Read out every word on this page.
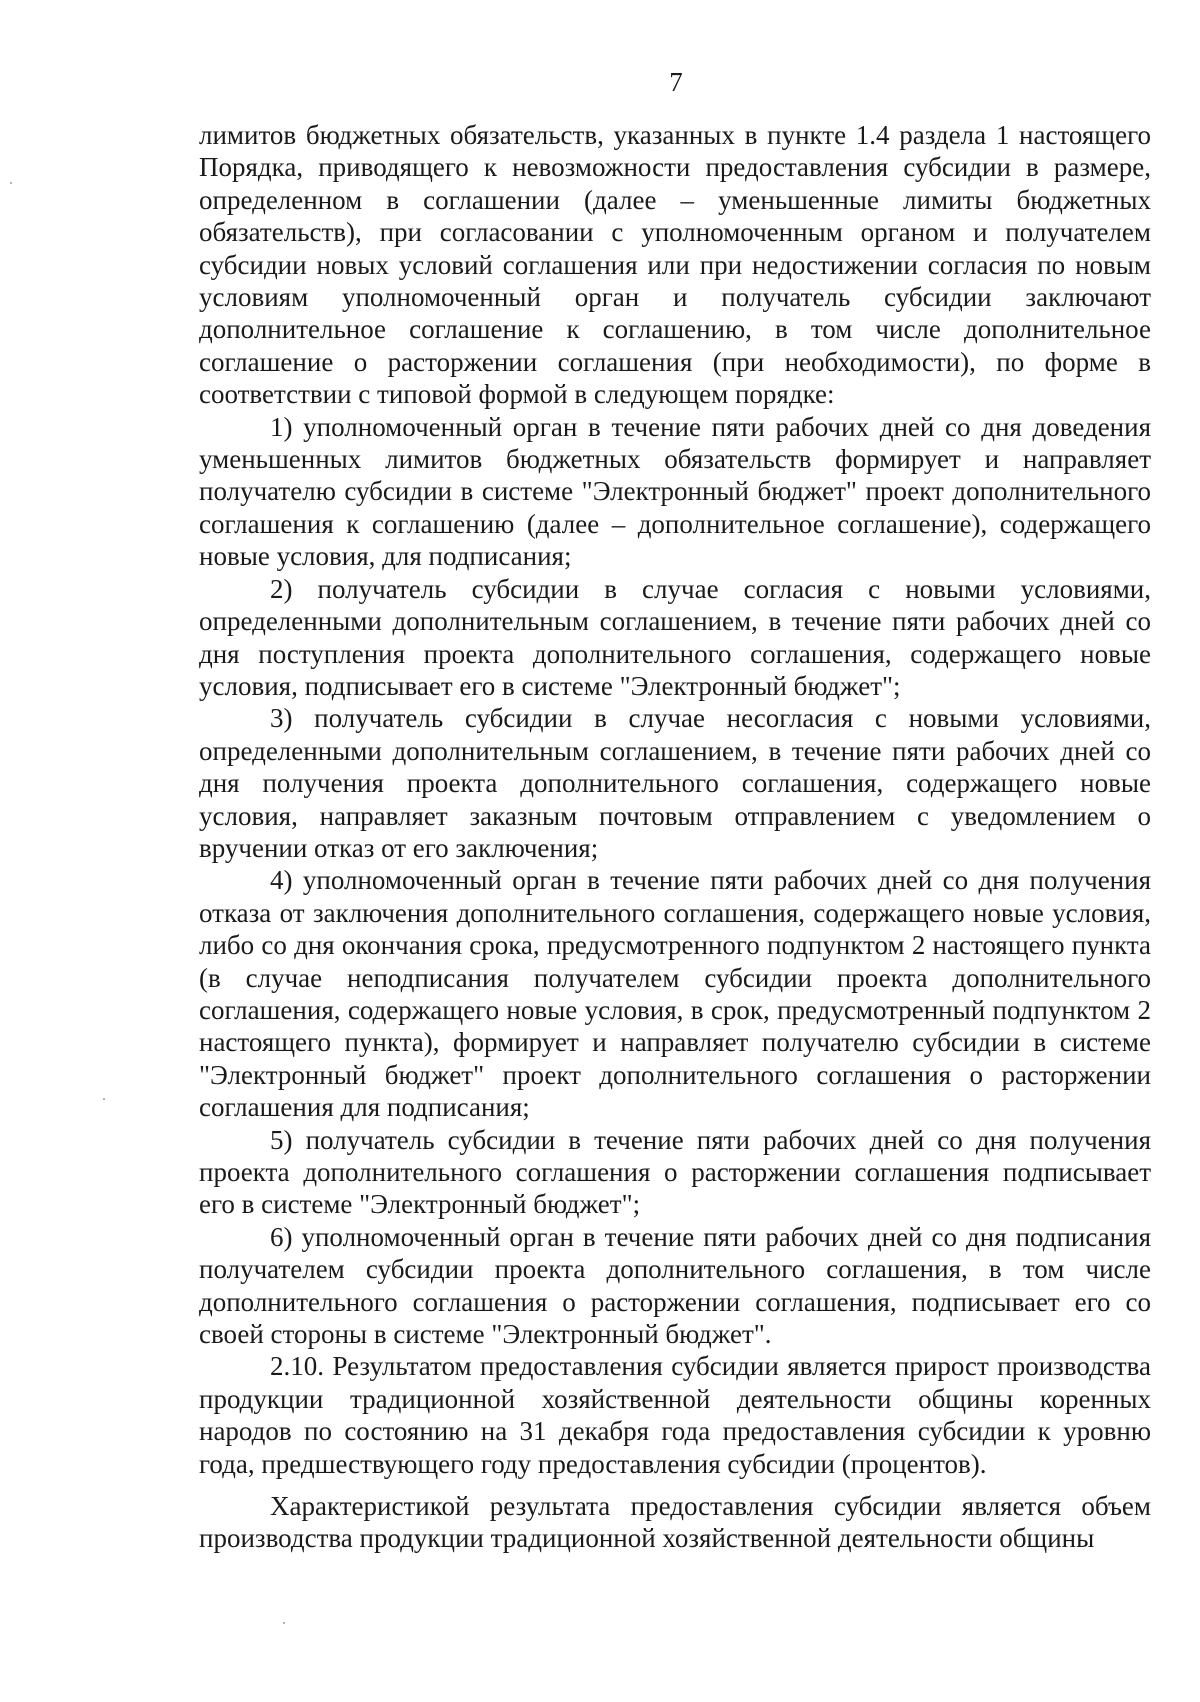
7

лимитов бюджетных обязательств, указанных в пункте 1.4 раздела 1 настоящего Порядка, приводящего к невозможности предоставления субсидии в размере, определенном в соглашении (далее – уменьшенные лимиты бюджетных обязательств), при согласовании с уполномоченным органом и получателем субсидии новых условий соглашения или при недостижении согласия по новым условиям уполномоченный орган и получатель субсидии заключают дополнительное соглашение к соглашению, в том числе дополнительное соглашение о расторжении соглашения (при необходимости), по форме в соответствии с типовой формой в следующем порядке:

1) уполномоченный орган в течение пяти рабочих дней со дня доведения уменьшенных лимитов бюджетных обязательств формирует и направляет получателю субсидии в системе "Электронный бюджет" проект дополнительного соглашения к соглашению (далее – дополнительное соглашение), содержащего новые условия, для подписания;

2) получатель субсидии в случае согласия с новыми условиями, определенными дополнительным соглашением, в течение пяти рабочих дней со дня поступления проекта дополнительного соглашения, содержащего новые условия, подписывает его в системе "Электронный бюджет";

3) получатель субсидии в случае несогласия с новыми условиями, определенными дополнительным соглашением, в течение пяти рабочих дней со дня получения проекта дополнительного соглашения, содержащего новые условия, направляет заказным почтовым отправлением с уведомлением о вручении отказ от его заключения;

4) уполномоченный орган в течение пяти рабочих дней со дня получения отказа от заключения дополнительного соглашения, содержащего новые условия, либо со дня окончания срока, предусмотренного подпунктом 2 настоящего пункта (в случае неподписания получателем субсидии проекта дополнительного соглашения, содержащего новые условия, в срок, предусмотренный подпунктом 2 настоящего пункта), формирует и направляет получателю субсидии в системе "Электронный бюджет" проект дополнительного соглашения о расторжении соглашения для подписания;

5) получатель субсидии в течение пяти рабочих дней со дня получения проекта дополнительного соглашения о расторжении соглашения подписывает его в системе "Электронный бюджет";

6) уполномоченный орган в течение пяти рабочих дней со дня подписания получателем субсидии проекта дополнительного соглашения, в том числе дополнительного соглашения о расторжении соглашения, подписывает его со своей стороны в системе "Электронный бюджет".

2.10. Результатом предоставления субсидии является прирост производства продукции традиционной хозяйственной деятельности общины коренных народов по состоянию на 31 декабря года предоставления субсидии к уровню года, предшествующего году предоставления субсидии (процентов).

Характеристикой результата предоставления субсидии является объем производства продукции традиционной хозяйственной деятельности общины
